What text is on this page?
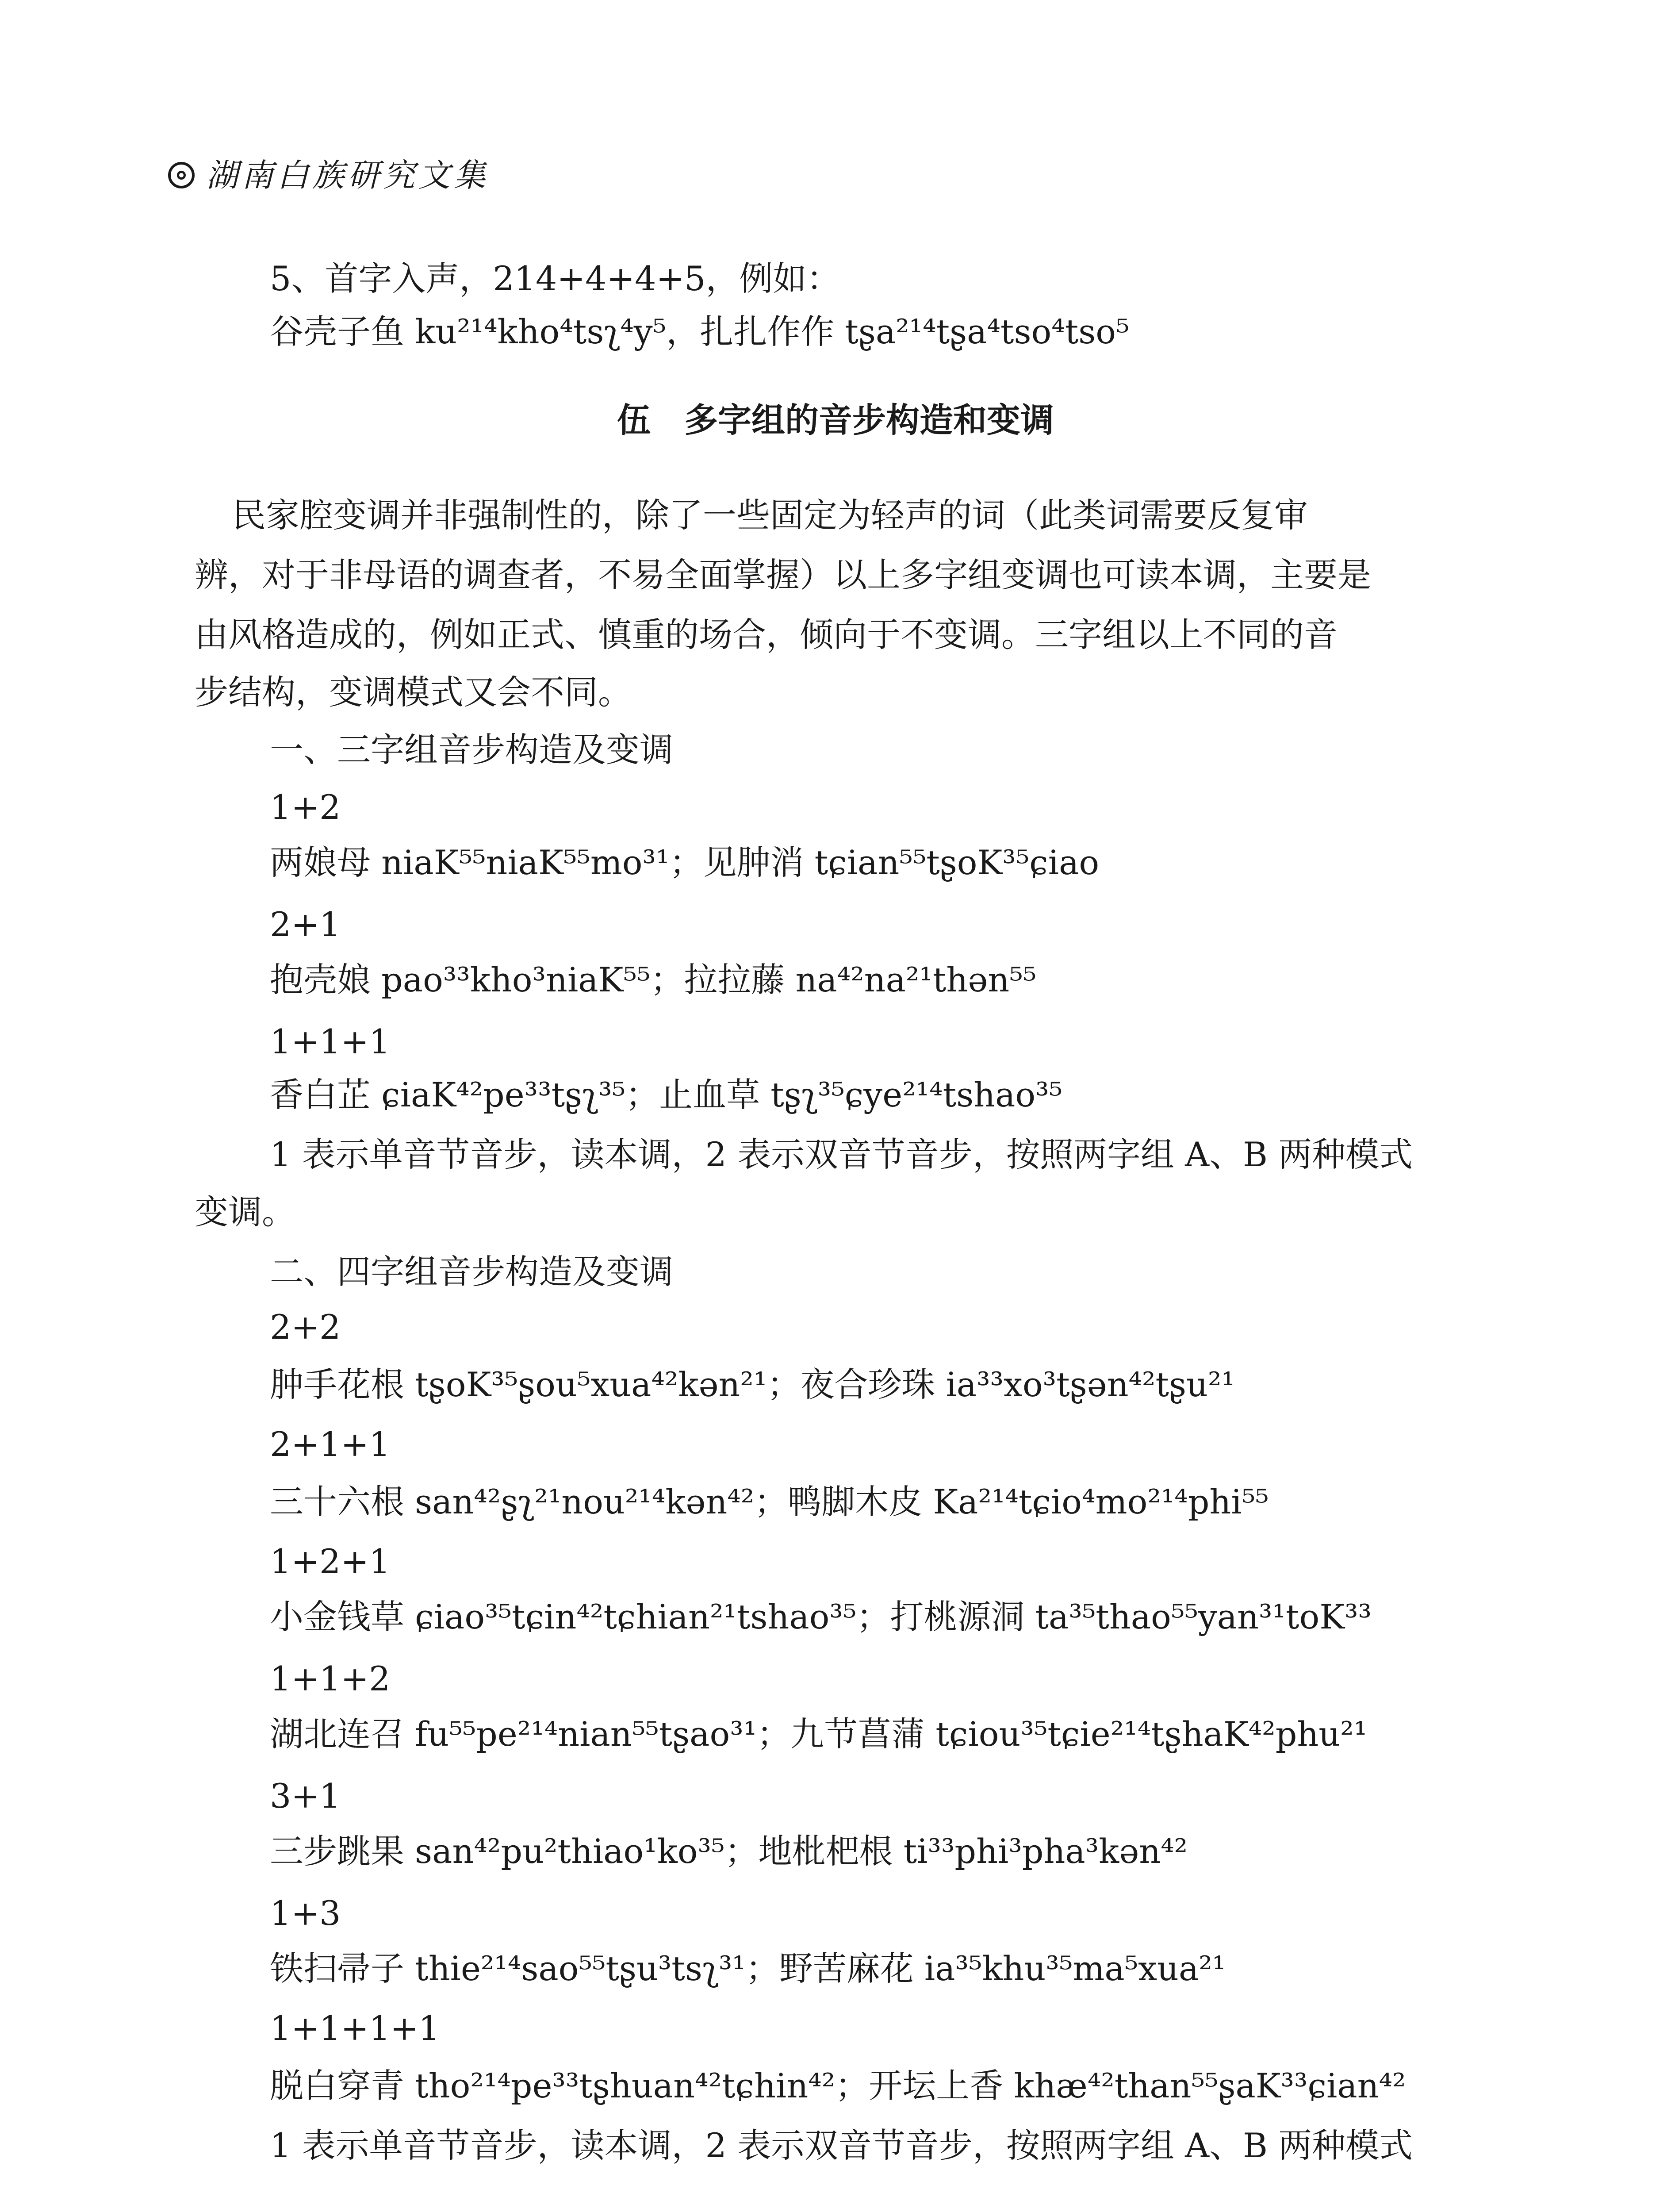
湖南白族研究文集
5、首字入声，214+4+4+5，例如：
谷壳子鱼 ku²¹⁴kho⁴tsʅ⁴y⁵，扎扎作作 tʂa²¹⁴tʂa⁴tso⁴tso⁵
伍　多字组的音步构造和变调
民家腔变调并非强制性的，除了一些固定为轻声的词（此类词需要反复审
辨，对于非母语的调查者，不易全面掌握）以上多字组变调也可读本调，主要是
由风格造成的，例如正式、慎重的场合，倾向于不变调。三字组以上不同的音
步结构，变调模式又会不同。
一、三字组音步构造及变调
1+2
两娘母 niaK⁵⁵niaK⁵⁵mo³¹；见肿消 tɕian⁵⁵tʂoK³⁵ɕiao
2+1
抱壳娘 pao³³kho³niaK⁵⁵；拉拉藤 na⁴²na²¹thən⁵⁵
1+1+1
香白芷 ɕiaK⁴²pe³³tʂʅ³⁵；止血草 tʂʅ³⁵ɕye²¹⁴tshao³⁵
1 表示单音节音步，读本调，2 表示双音节音步，按照两字组 A、B 两种模式
变调。
二、四字组音步构造及变调
2+2
肿手花根 tʂoK³⁵ʂou⁵xua⁴²kən²¹；夜合珍珠 ia³³xo³tʂən⁴²tʂu²¹
2+1+1
三十六根 san⁴²ʂʅ²¹nou²¹⁴kən⁴²；鸭脚木皮 Ka²¹⁴tɕio⁴mo²¹⁴phi⁵⁵
1+2+1
小金钱草 ɕiao³⁵tɕin⁴²tɕhian²¹tshao³⁵；打桃源洞 ta³⁵thao⁵⁵yan³¹toK³³
1+1+2
湖北连召 fu⁵⁵pe²¹⁴nian⁵⁵tʂao³¹；九节菖蒲 tɕiou³⁵tɕie²¹⁴tʂhaK⁴²phu²¹
3+1
三步跳果 san⁴²pu²thiao¹ko³⁵；地枇杷根 ti³³phi³pha³kən⁴²
1+3
铁扫帚子 thie²¹⁴sao⁵⁵tʂu³tsʅ³¹；野苦麻花 ia³⁵khu³⁵ma⁵xua²¹
1+1+1+1
脱白穿青 tho²¹⁴pe³³tʂhuan⁴²tɕhin⁴²；开坛上香 khæ⁴²than⁵⁵ʂaK³³ɕian⁴²
1 表示单音节音步，读本调，2 表示双音节音步，按照两字组 A、B 两种模式
